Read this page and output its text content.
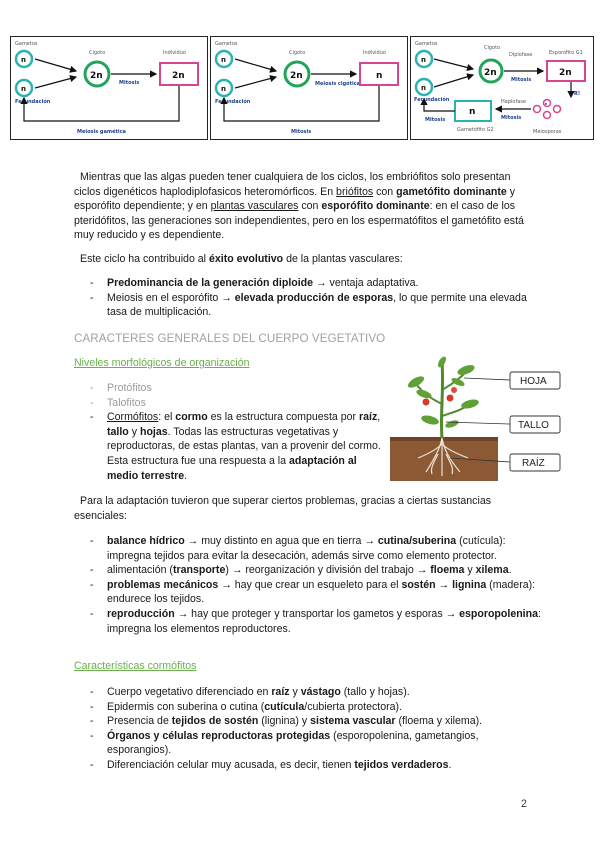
Gametos
n
n
Fecundación
Cigoto
2n
Mitosis
Individuo
2n
Meiosis gamética
Gametos
n
n
Fecundación
Cigoto
2n
Meiosis cigótica
Individuo
n
Mitosis
Gametos
n
n
Fecundación
Cigoto
Diplofase
2n
Mitosis
Esporófito G1
2n
R!
n
Meiosporas
Haplofase
Mitosis
n
Gametófito G2
Mitosis
Mientras que las algas pueden tener cualquiera de los ciclos, los embriófitos solo presentan ciclos digenéticos haplodiplofasicos heteromórficos. En briófitos con gametófito dominante y esporófito dependiente; y en plantas vasculares con esporófito dominante: en el caso de los pteridófitos, las generaciones son independientes, pero en los espermatófitos el gametófito está muy reducido y es dependiente.
Este ciclo ha contribuido al éxito evolutivo de la plantas vasculares:
- Predominancia de la generación diploide → ventaja adaptativa.
- Meiosis en el esporófito → elevada producción de esporas, lo que permite una elevada tasa de multiplicación.
CARACTERES GENERALES DEL CUERPO VEGETATIVO
Niveles morfológicos de organización
- Protófitos
- Talofitos
- Cormófitos: el cormo es la estructura compuesta por raíz, tallo y hojas. Todas las estructuras vegetativas y reproductoras, de estas plantas, van a provenir del cormo. Esta estructura fue una respuesta a la adaptación al medio terrestre.
HOJA
TALLO
RAÍZ
Para la adaptación tuvieron que superar ciertos problemas, gracias a ciertas sustancias esenciales:
- balance hídrico → muy distinto en agua que en tierra → cutina/suberina (cutícula): impregna tejidos para evitar la desecación, además sirve como elemento protector.
- alimentación (transporte) → reorganización y división del trabajo → floema y xilema.
- problemas mecánicos → hay que crear un esqueleto para el sostén → lignina (madera): endurece los tejidos.
- reproducción → hay que proteger y transportar los gametos y esporas → esporopolenina: impregna los elementos reproductores.
Características cormófitos
- Cuerpo vegetativo diferenciado en raíz y vástago (tallo y hojas).
- Epidermis con suberina o cutina (cutícula/cubierta protectora).
- Presencia de tejidos de sostén (lignina) y sistema vascular (floema y xilema).
- Órganos y células reproductoras protegidas (esporopolenina, gametangios, esporangios).
- Diferenciación celular muy acusada, es decir, tienen tejidos verdaderos.
2
